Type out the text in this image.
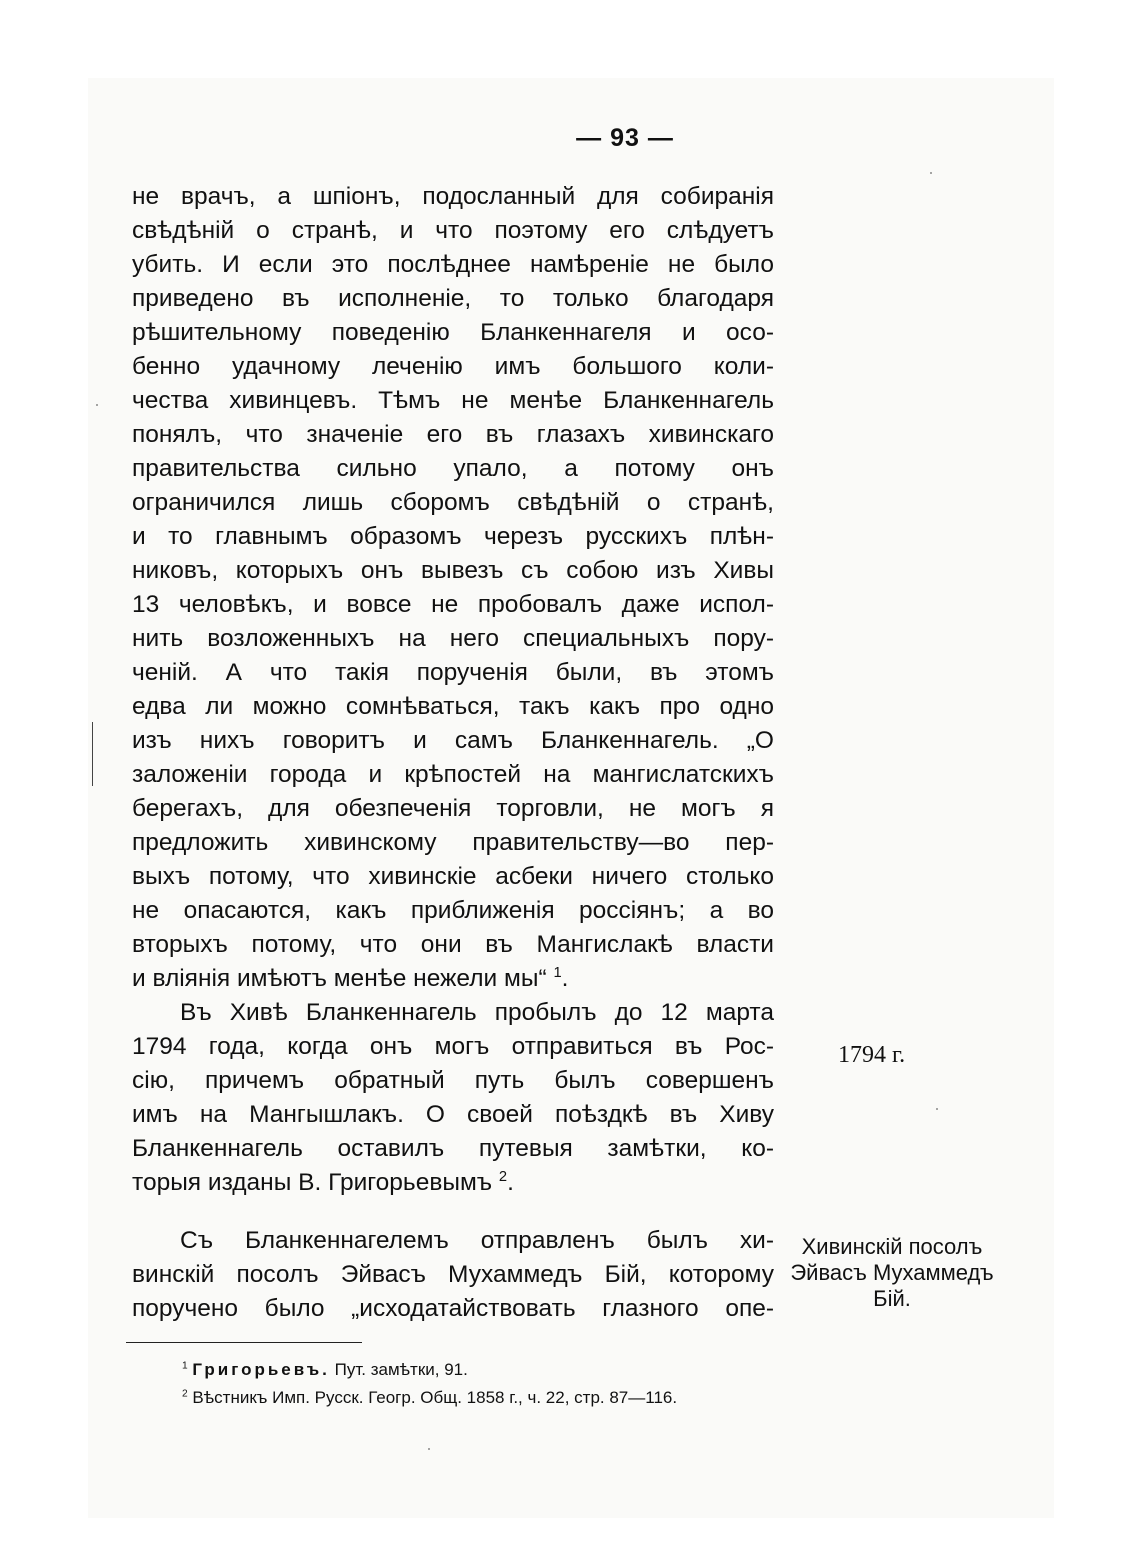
— 93 —
не врачъ, а шпіонъ, подосланный для собиранія
свѣдѣній о странѣ, и что поэтому его слѣдуетъ
убить. И если это послѣднее намѣреніе не было
приведено въ исполненіе, то только благодаря
рѣшительному поведенію Бланкеннагеля и осо-
бенно удачному леченію имъ большого коли-
чества хивинцевъ. Тѣмъ не менѣе Бланкеннагель
понялъ, что значеніе его въ глазахъ хивинскаго
правительства сильно упало, а потому онъ
ограничился лишь сборомъ свѣдѣній о странѣ,
и то главнымъ образомъ черезъ русскихъ плѣн-
никовъ, которыхъ онъ вывезъ съ собою изъ Хивы
13 человѣкъ, и вовсе не пробовалъ даже испол-
нить возложенныхъ на него специальныхъ пору-
ченій. А что такія порученія были, въ этомъ
едва ли можно сомнѣваться, такъ какъ про одно
изъ нихъ говоритъ и самъ Бланкеннагель. „О
заложеніи города и крѣпостей на мангислатскихъ
берегахъ, для обезпеченія торговли, не могъ я
предложить хивинскому правительству—во пер-
выхъ потому, что хивинскіе асбеки ничего столько
не опасаются, какъ приближенія россіянъ; а во
вторыхъ потому, что они въ Мангислакѣ власти
и вліянія имѣютъ менѣе нежели мы“ $^1$.
Въ Хивѣ Бланкеннагель пробылъ до 12 марта
1794 года, когда онъ могъ отправиться въ Рос-
сію, причемъ обратный путь былъ совершенъ
имъ на Мангышлакъ. О своей поѣздкѣ въ Хиву
Бланкеннагель оставилъ путевыя замѣтки, ко-
торыя изданы В. Григорьевымъ $^2$.
Съ Бланкеннагелемъ отправленъ былъ хи-
винскій посолъ Эйвасъ Мухаммедъ Бій, которому
поручено было „исходатайствовать глазного опе-
1794 г.
Хивинскій посолъ
Эйвасъ Мухаммедъ
Бій.
$^1$ Григорьевъ. Пут. замѣтки, 91.
$^2$ Вѣстникъ Имп. Русск. Геогр. Общ. 1858 г., ч. 22, стр. 87—116.
